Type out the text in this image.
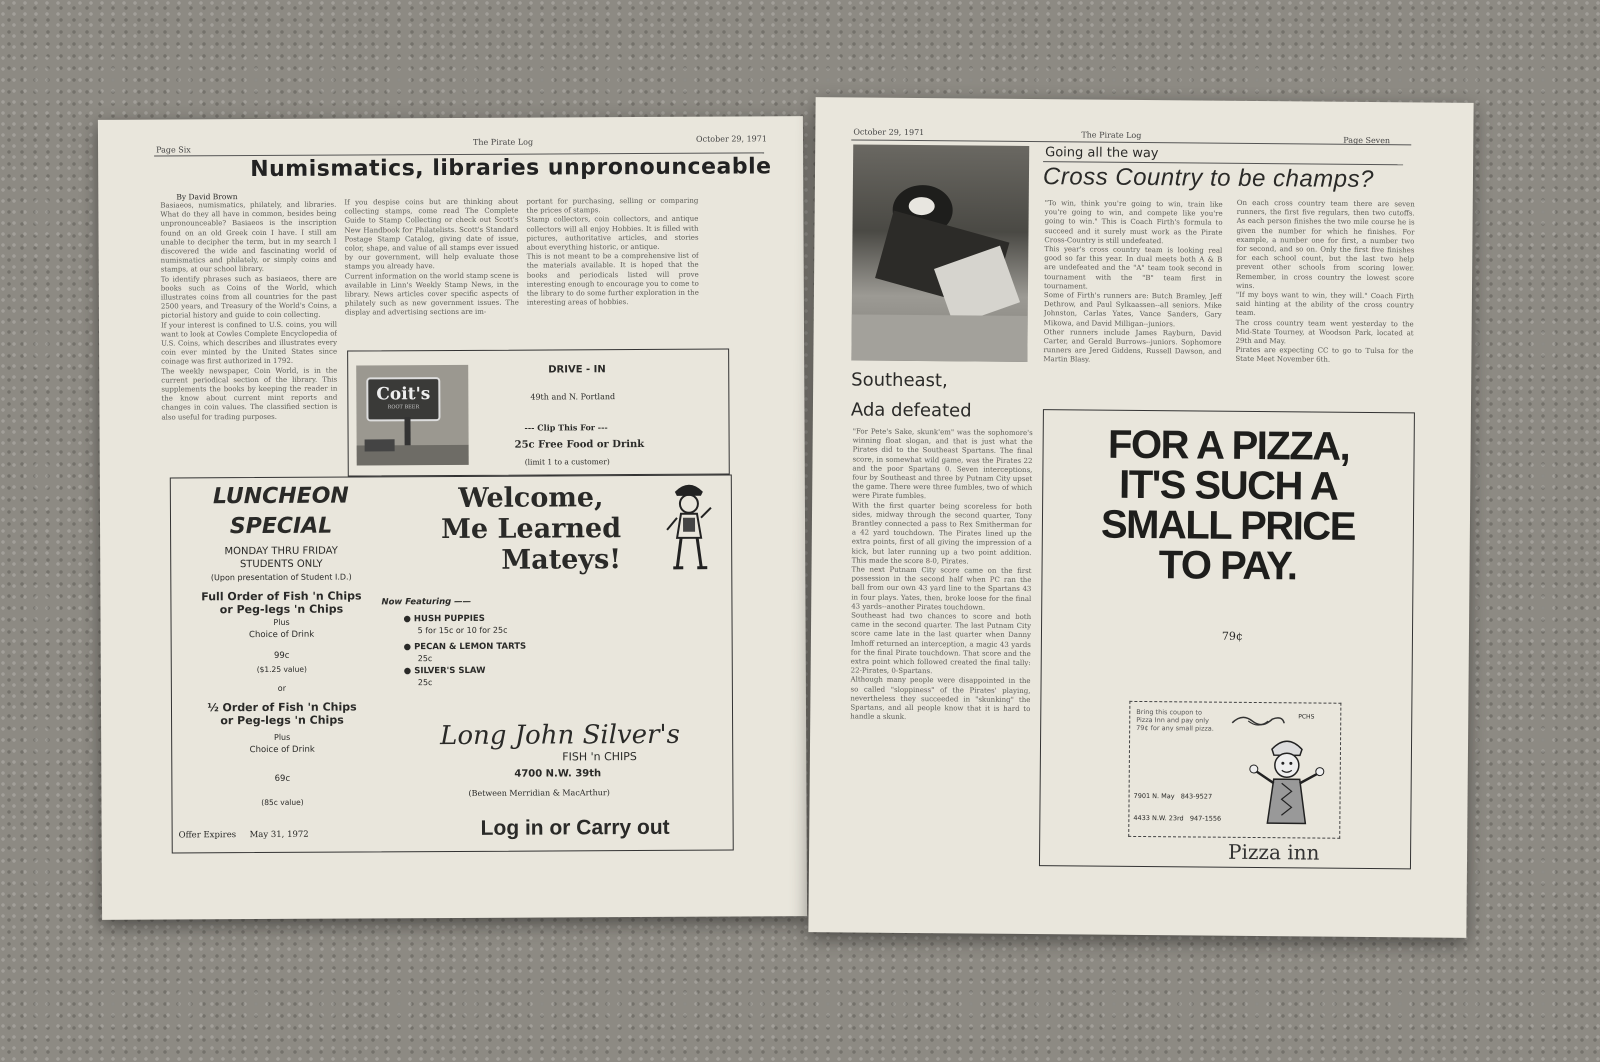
Page Six
The Pirate Log	October 29, 1971
Numismatics, libraries unpronounceable
By David Brown
Basiaeos, numismatics, philately, and libraries. What do they all have in common, besides being unpronounceable? Basiaeos is the inscription found on an old Greek coin I have. I still am unable to decipher the term, but in my search I discovered the wide and fascinating world of numismatics and philately, or simply coins and stamps, at our school library.
To identify phrases such as basiaeos, there are books such as Coins of the World, which illustrates coins from all countries for the past 2500 years, and Treasury of the World's Coins, a pictorial history and guide to coin collecting.
If your interest is confined to U.S. coins, you will want to look at Cowles Complete Encyclopedia of U.S. Coins, which describes and illustrates every coin ever minted by the United States since coinage was first authorized in 1792.
The weekly newspaper, Coin World, is in the current periodical section of the library. This supplements the books by keeping the reader in the know about current mint reports and changes in coin values. The classified section is also useful for trading purposes.
If you despise coins but are thinking about collecting stamps, come read The Complete Guide to Stamp Collecting or check out Scott's New Handbook for Philatelists. Scott's Standard Postage Stamp Catalog, giving date of issue, color, shape, and value of all stamps ever issued by our government, will help evaluate those stamps you already have.
Current information on the world stamp scene is available in Linn's Weekly Stamp News, in the library. News articles cover specific aspects of philately such as new government issues. The display and advertising sections are im-
portant for purchasing, selling or comparing the prices of stamps.
Stamp collectors, coin collectors, and antique collectors will all enjoy Hobbies. It is filled with pictures, authoritative articles, and stories about everything historic, or antique.
This is not meant to be a comprehensive list of the materials available. It is hoped that the books and periodicals listed will prove interesting enough to encourage you to come to the library to do some further exploration in the interesting areas of hobbies.
Coit's
ROOT BEER
DRIVE - IN
49th and N. Portland
--- Clip This For ---
25c Free Food or Drink
(limit 1 to a customer)
LUNCHEON
SPECIAL
MONDAY THRU FRIDAY
STUDENTS ONLY
(Upon presentation of Student I.D.)
Full Order of Fish 'n Chips
or Peg-legs 'n Chips
Plus
Choice of Drink
99c
($1.25 value)
or
½ Order of Fish 'n Chips
or Peg-legs 'n Chips
Plus
Choice of Drink
69c
(85c value)
Offer Expires     May 31, 1972
Welcome,
Me Learned
Mateys!
Now Featuring ——
● HUSH PUPPIES
5 for 15c or 10 for 25c
● PECAN & LEMON TARTS
25c
● SILVER'S SLAW
25c
Long John Silver's
FISH 'n CHIPS
4700 N.W. 39th
(Between Merridian & MacArthur)
Log in or Carry out
October 29, 1971	The Pirate Log
Page Seven
Going all the way
Cross Country to be champs?
"To win, think you're going to win, train like you're going to win, and compete like you're going to win." This is Coach Firth's formula to succeed and it surely must work as the Pirate Cross-Country is still undefeated.
This year's cross country team is looking real good so far this year. In dual meets both A & B are undefeated and the "A" team took second in tournament with the "B" team first in tournament.
Some of Firth's runners are: Butch Bramley, Jeff Dethrow, and Paul Sylkaassen--all seniors. Mike Johnston, Carlas Yates, Vance Sanders, Gary Mikowa, and David Milligan--juniors.
Other runners include James Rayburn, David Carter, and Gerald Burrows--juniors. Sophomore runners are Jered Giddens, Russell Dawson, and Martin Blasy.
On each cross country team there are seven runners, the first five regulars, then two cutoffs. As each person finishes the two mile course he is given the number for which he finishes. For example, a number one for first, a number two for second, and so on. Only the first five finishes for each school count, but the last two help prevent other schools from scoring lower. Remember, in cross country the lowest score wins.
"If my boys want to win, they will." Coach Firth said hinting at the ability of the cross country team.
The cross country team went yesterday to the Mid-State Tourney, at Woodson Park, located at 29th and May.
Pirates are expecting CC to go to Tulsa for the State Meet November 6th.
Southeast,
Ada defeated
"For Pete's Sake, skunk'em" was the sophomore's winning float slogan, and that is just what the Pirates did to the Southeast Spartans. The final score, in somewhat wild game, was the Pirates 22 and the poor Spartans 0. Seven interceptions, four by Southeast and three by Putnam City upset the game. There were three fumbles, two of which were Pirate fumbles.
With the first quarter being scoreless for both sides, midway through the second quarter, Tony Brantley connected a pass to Rex Smitherman for a 42 yard touchdown. The Pirates lined up the extra points, first of all giving the impression of a kick, but later running up a two point addition. This made the score 8-0, Pirates.
The next Putnam City score came on the first possession in the second half when PC ran the ball from our own 43 yard line to the Spartans 43 in four plays. Yates, then, broke loose for the final 43 yards--another Pirates touchdown.
Southeast had two chances to score and both came in the second quarter. The last Putnam City score came late in the last quarter when Danny Imhoff returned an interception, a magic 43 yards for the final Pirate touchdown. That score and the extra point which followed created the final tally: 22-Pirates, 0-Spartans.
Although many people were disappointed in the so called "sloppiness" of the Pirates' playing, nevertheless they succeeded in "skunking" the Spartans, and all people know that it is hard to handle a skunk.
FOR A PIZZA,
IT'S SUCH A
SMALL PRICE
TO PAY.
79¢
Bring this coupon to Pizza Inn and pay only 79¢ for any small pizza.
PCHS
7901 N. May   843-9527
4433 N.W. 23rd   947-1556
Pizza inn
